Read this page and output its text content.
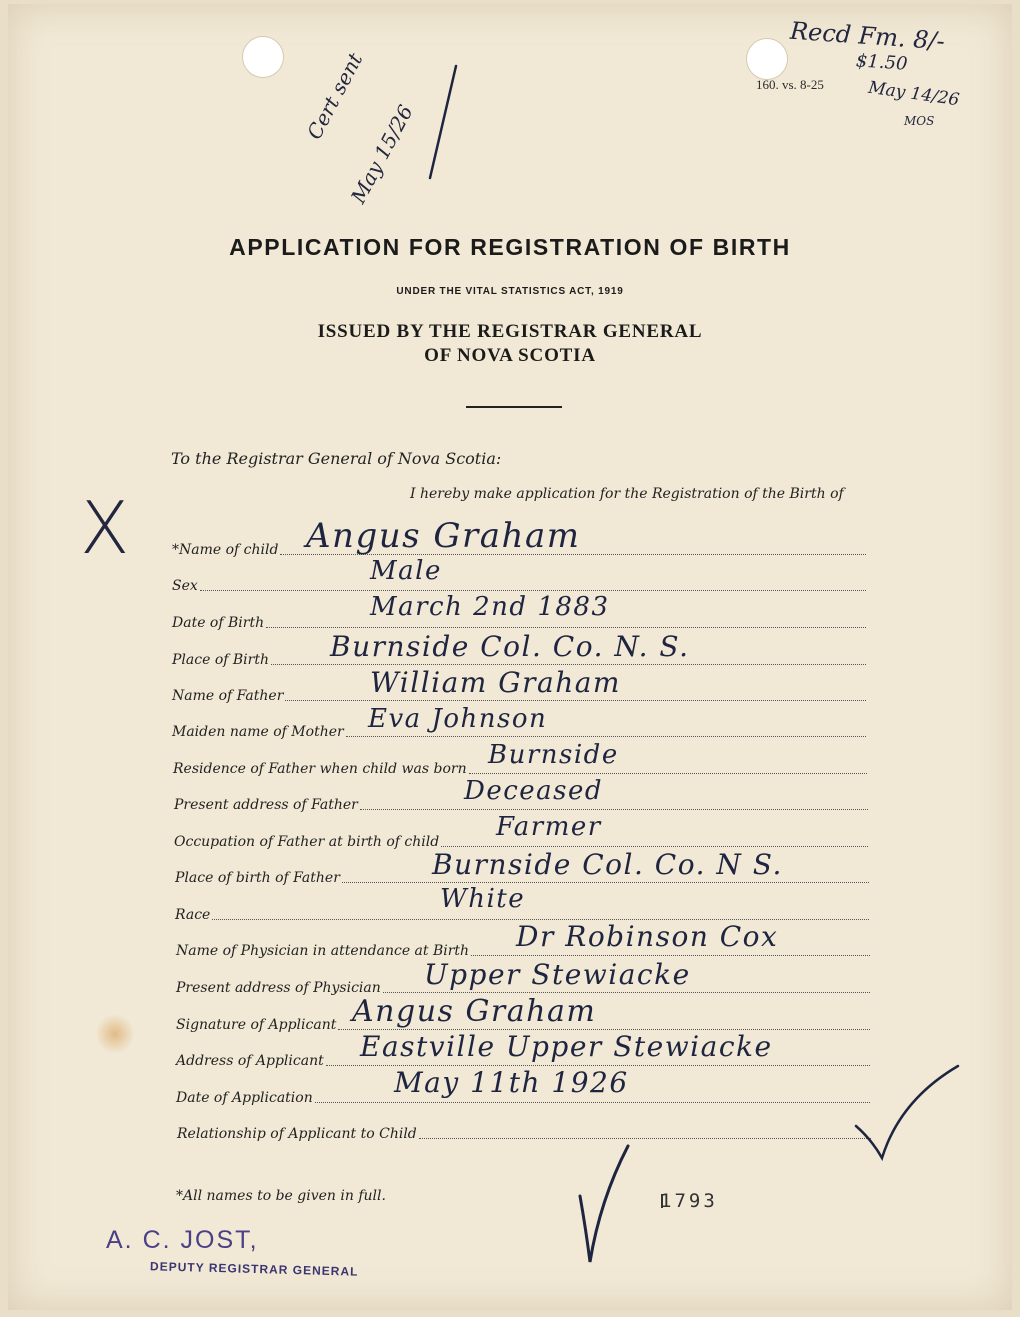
160. vs. 8-25
APPLICATION FOR REGISTRATION OF BIRTH
UNDER THE VITAL STATISTICS ACT, 1919
ISSUED BY THE REGISTRAR GENERAL
OF NOVA SCOTIA
Recd Fm. 8/-
$1.50
May 14/26
MOS
Cert sent
May 15/26
X
To the Registrar General of Nova Scotia:
I hereby make application for the Registration of the Birth of
*Name of child
Sex
Date of Birth
Place of Birth
Name of Father
Maiden name of Mother
Residence of Father when child was born
Present address of Father
Occupation of Father at birth of child
Place of birth of Father
Race
Name of Physician in attendance at Birth
Present address of Physician
Signature of Applicant
Address of Applicant
Date of Application
Relationship of Applicant to Child
Angus Graham
Male
March 2nd 1883
Burnside Col. Co. N. S.
William Graham
Eva Johnson
Burnside
Deceased
Farmer
Burnside Col. Co. N S.
White
Dr Robinson Cox
Upper Stewiacke
Angus Graham
Eastville Upper Stewiacke
May 11th 1926
*All names to be given in full.	1793
A. C. JOST,
DEPUTY REGISTRAR GENERAL
